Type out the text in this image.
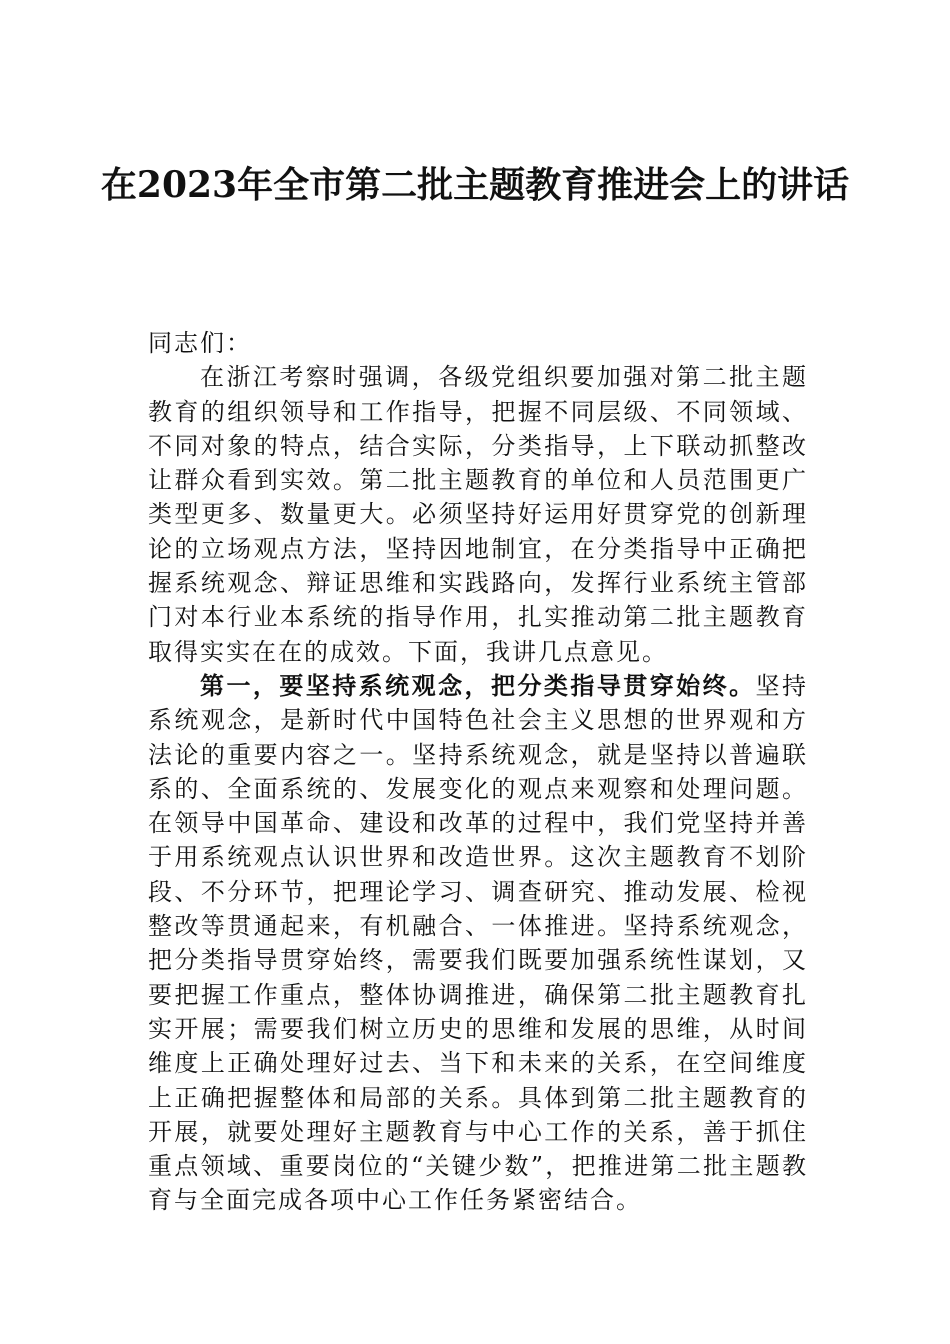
在2023年全市第二批主题教育推进会上的讲话

同志们：

在浙江考察时强调，各级党组织要加强对第二批主题教育的组织领导和工作指导，把握不同层级、不同领域、不同对象的特点，结合实际，分类指导，上下联动抓整改让群众看到实效。第二批主题教育的单位和人员范围更广类型更多、数量更大。必须坚持好运用好贯穿党的创新理论的立场观点方法，坚持因地制宜，在分类指导中正确把握系统观念、辩证思维和实践路向，发挥行业系统主管部门对本行业本系统的指导作用，扎实推动第二批主题教育取得实实在在的成效。下面，我讲几点意见。

第一，要坚持系统观念，把分类指导贯穿始终。坚持系统观念，是新时代中国特色社会主义思想的世界观和方法论的重要内容之一。坚持系统观念，就是坚持以普遍联系的、全面系统的、发展变化的观点来观察和处理问题。在领导中国革命、建设和改革的过程中，我们党坚持并善于用系统观点认识世界和改造世界。这次主题教育不划阶段、不分环节，把理论学习、调查研究、推动发展、检视整改等贯通起来，有机融合、一体推进。坚持系统观念，把分类指导贯穿始终，需要我们既要加强系统性谋划，又要把握工作重点，整体协调推进，确保第二批主题教育扎实开展；需要我们树立历史的思维和发展的思维，从时间维度上正确处理好过去、当下和未来的关系，在空间维度上正确把握整体和局部的关系。具体到第二批主题教育的开展，就要处理好主题教育与中心工作的关系，善于抓住重点领域、重要岗位的“关键少数”，把推进第二批主题教育与全面完成各项中心工作任务紧密结合。
